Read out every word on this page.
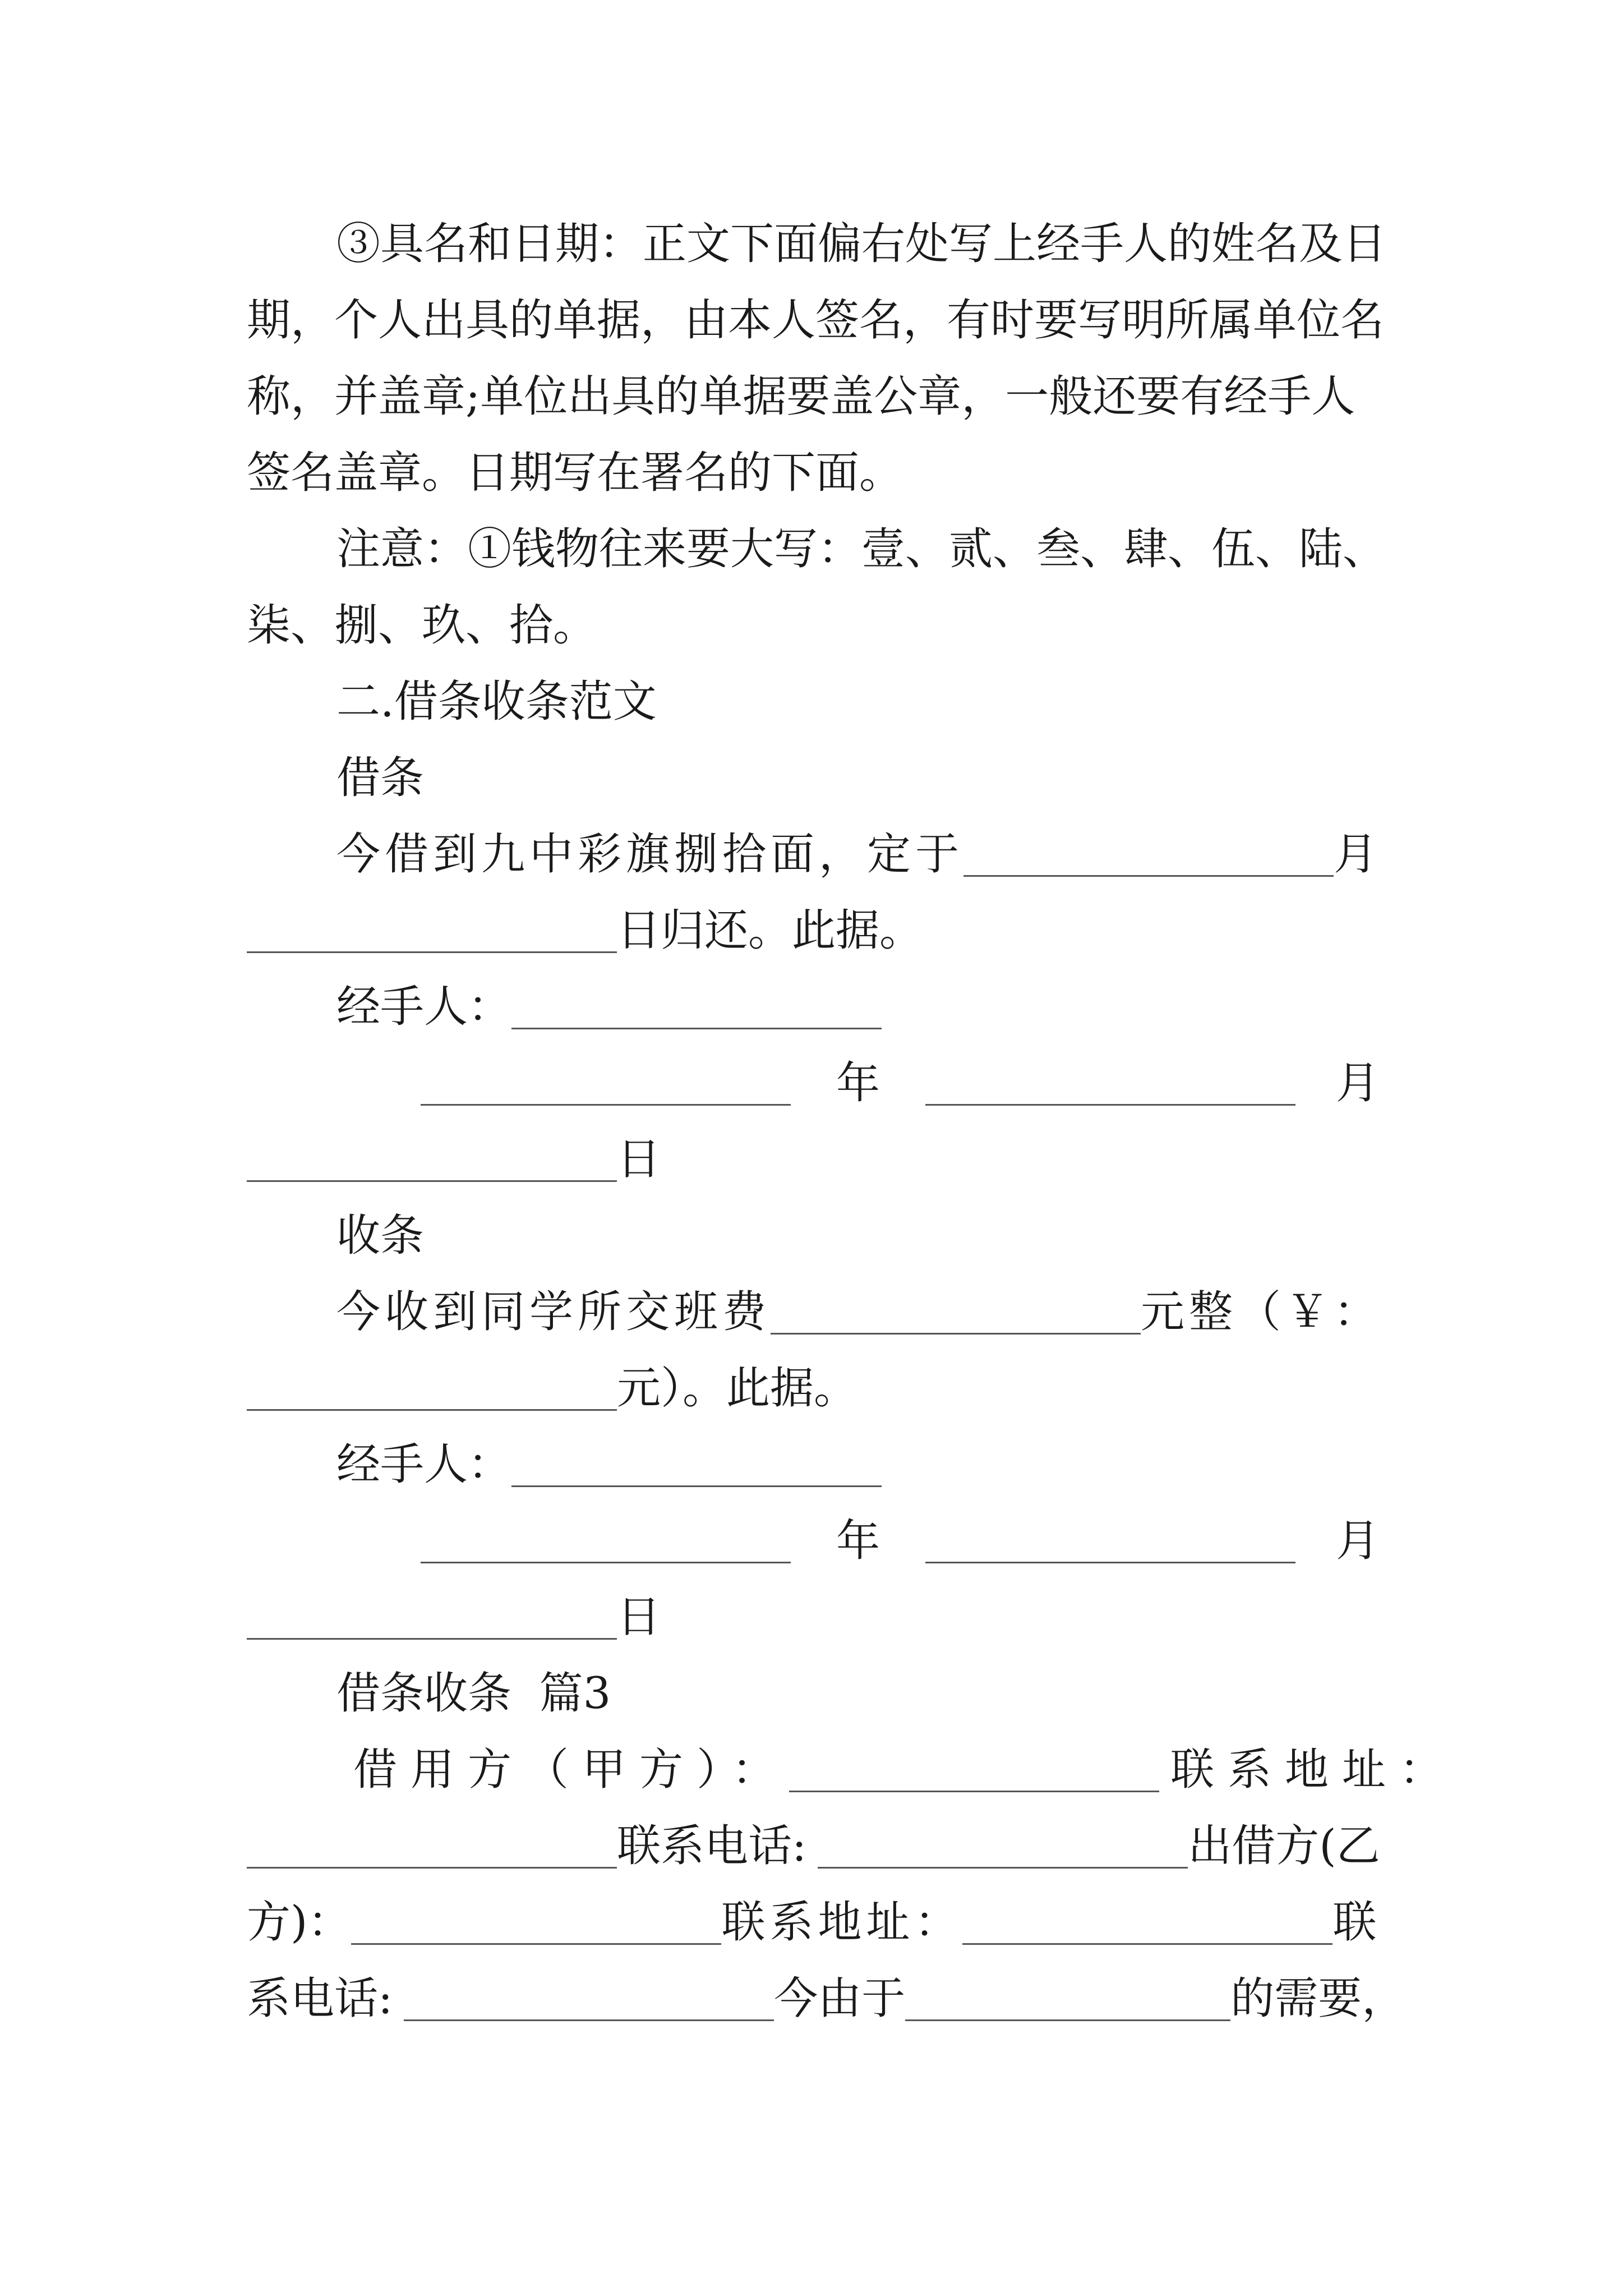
③具名和日期：正文下面偏右处写上经手人的姓名及日
期，个人出具的单据，由本人签名，有时要写明所属单位名
称，并盖章;单位出具的单据要盖公章，一般还要有经手人
签名盖章。日期写在署名的下面。
注意：①钱物往来要大写：壹、贰、叁、肆、伍、陆、
柒、捌、玖、拾。
二.借条收条范文
借条
今借到九中彩旗捌拾面，定于	月
日归还。此据。
经手人：
年	月
日
收条
今收到同学所交班费	元整（￥：
元）。此据。
经手人：
年	月
日
借条收条  篇3
借用方（甲方）：	联系地址：
联系电话:	出借方(乙
方)：	联系地址：	联
系电话:	今由于	的需要，
